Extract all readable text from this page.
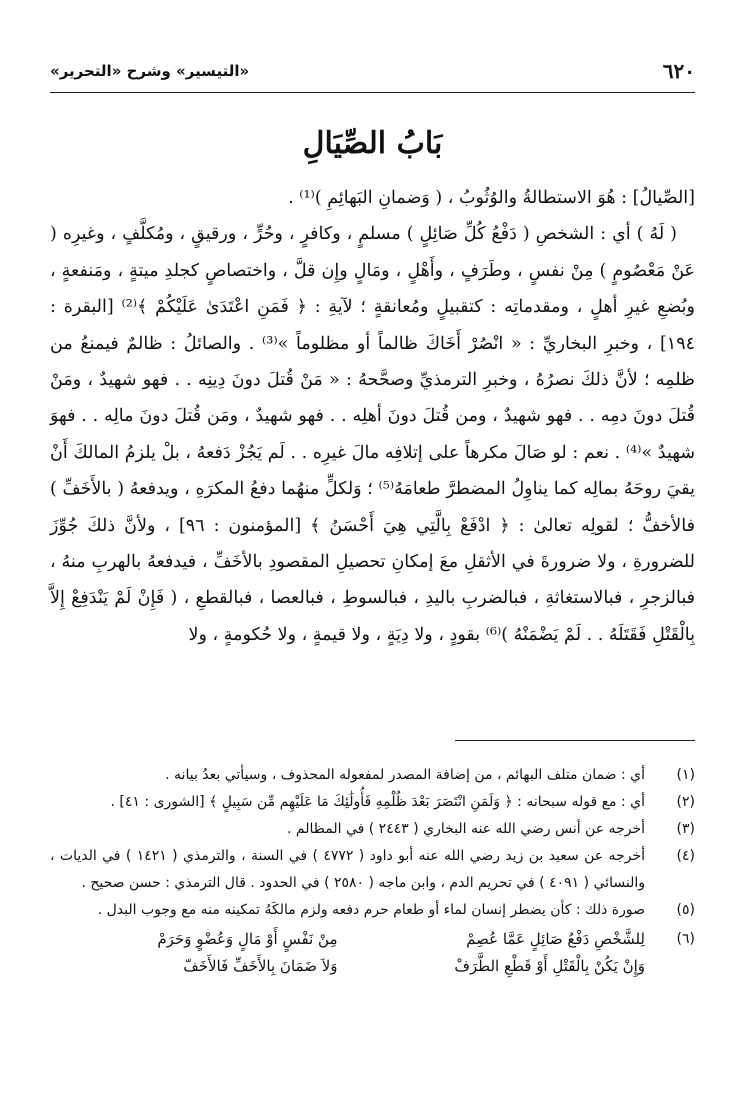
٦٢٠
«التيسير» وشرح «التحرير»
بَابُ الصِّيَالِ

[الصِّيالُ] : هُوَ الاستطالةُ والوُثُوبُ ، ( وَضمانِ البَهائِمِ )⁽¹⁾ .

( لَهُ ) أي : الشخصِ ( دَفْعُ كُلِّ صَائِلٍ ) مسلمٍ ، وكافرٍ ، وحُرٍّ ، ورقيقٍ ، ومُكلَّفٍ ، وغيرِه ( عَنْ مَعْصُومٍ ) مِنْ نفسٍ ، وطَرَفٍ ، وأَهْلٍ ، ومَالٍ وإِن قلَّ ، واختصاصٍ كجلدِ ميتةٍ ، ومَنفعةٍ ، وبُضعِ غيرِ أهلٍ ، ومقدماتِه : كتقبيلٍ ومُعانقةٍ ؛ لآيةِ : ﴿ فَمَنِ اعْتَدَىٰ عَلَيْكُمْ ﴾⁽²⁾ [البقرة : ١٩٤] ، وخبرِ البخاريِّ : « انْصُرْ أَخَاكَ ظالماً أو مظلوماً »⁽³⁾ . والصائلُ : ظالمٌ فيمنعُ من ظلمِه ؛ لأنَّ ذلكَ نصرُهُ ، وخبرِ الترمذيِّ وصحَّحهُ : « مَنْ قُتلَ دونَ دِينِه . . فهو شهيدٌ ، ومَنْ قُتلَ دونَ دمِه . . فهو شهيدٌ ، ومن قُتلَ دونَ أهلِه . . فهو شهيدٌ ، ومَن قُتلَ دونَ مالِه . . فهوَ شهيدٌ »⁽⁴⁾ . نعم : لو صَالَ مكرهاً على إتلافِه مالَ غيرِه . . لَم يَجُزْ دَفعهُ ، بلْ يلزمُ المالكَ أَنْ يقيَ روحَهُ بمالِه كما يناوِلُ المضطرَّ طعامَهُ⁽⁵⁾ ؛ وَلكلٍّ منهُما دفعُ المكرَهِ ، ويدفعهُ ( بالأَخَفِّ ) فالأخفُّ ؛ لقولِه تعالىٰ : ﴿ ادْفَعْ بِالَّتِي هِيَ أَحْسَنُ ﴾ [المؤمنون : ٩٦] ، ولأنَّ ذلكَ جُوِّزَ للضرورةِ ، ولا ضرورةَ في الأثقلِ معَ إمكانِ تحصيلِ المقصودِ بالأخَفِّ ، فيدفعهُ بالهربِ منهُ ، فبالزجرِ ، فبالاستغاثةِ ، فبالضربِ باليدِ ، فبالسوطِ ، فبالعصا ، فبالقطعِ ، ( فَإِنْ لَمْ يَنْدَفِعْ إِلاَّ بِالْقَتْلِ فَقَتَلَهُ . . لَمْ يَضْمَنْهُ )⁽⁶⁾ بقودٍ ، ولا دِيَةٍ ، ولا قيمةٍ ، ولا حُكومةٍ ، ولا

(١)
أي : ضمان متلف البهائم ، من إضافة المصدر لمفعوله المحذوف ، وسيأتي بعدُ بيانه .
(٢)
أي : مع قوله سبحانه : ﴿ وَلَمَنِ انْتَصَرَ بَعْدَ ظُلْمِهِ فَأُولَٰئِكَ مَا عَلَيْهِم مِّن سَبِيلٍ ﴾ [الشورى : ٤١] .
(٣)
أخرجه عن أنس رضي الله عنه البخاري ( ٢٤٤٣ ) في المظالم .
(٤)
أخرجه عن سعيد بن زيد رضي الله عنه أبو داود ( ٤٧٧٢ ) في السنة ، والترمذي ( ١٤٢١ ) في الديات ، والنسائي ( ٤٠٩١ ) في تحريم الدم ، وابن ماجه ( ٢٥٨٠ ) في الحدود . قال الترمذي : حسن صحيح .
(٥)
صورة ذلك : كأن يضطر إنسان لماء أو طعام حرم دفعه ولزم مالكَهُ تمكينه منه مع وجوب البدل .
(٦)
لِلشَّخْصِ دَفْعُ صَائِلٍ عَمَّا عُصِمْ
مِنْ نَفْسٍ أَوْ مَالٍ وَعُضْوٍ وَحَرَمْ
وَإِنْ يَكُنْ بِالْقَتْلِ أَوْ قَطْعِ الطَّرَفْ
وَلاَ ضَمَانَ بِالأَخَفِّ فَالأَخَفّ
